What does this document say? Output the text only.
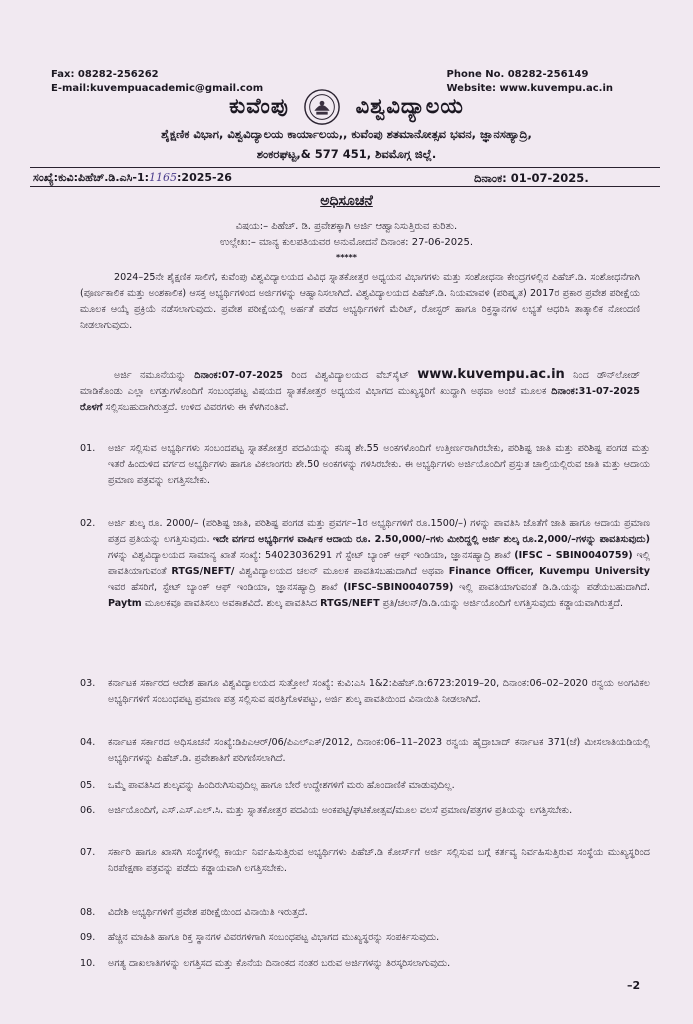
Fax: 08282-256262
E-mail:kuvempuacademic@gmail.com
Phone No. 08282-256149
Website: www.kuvempu.ac.in
ಕುವೆಂಪು	ವಿಶ್ವವಿದ್ಯಾಲಯ
ಶೈಕ್ಷಣಿಕ ವಿಭಾಗ, ವಿಶ್ವವಿದ್ಯಾಲಯ ಕಾರ್ಯಾಲಯ,, ಕುವೆಂಪು ಶತಮಾನೋತ್ಸವ ಭವನ, ಜ್ಞಾನಸಹ್ಯಾದ್ರಿ,
ಶಂಕರಘಟ್ಟ,& 577 451, ಶಿವಮೊಗ್ಗ ಜಿಲ್ಲೆ.
ಸಂಖ್ಯೆ:ಕುವಿ:ಪಿಹೆಚ್.ಡಿ.ಎಸಿ-1:1165:2025-26	ದಿನಾಂಕ: 01-07-2025.
ಅಧಿಸೂಚನೆ
ವಿಷಯ:– ಪಿಹೆಚ್. ಡಿ. ಪ್ರವೇಶಕ್ಕಾಗಿ ಅರ್ಜಿ ಆಹ್ವಾನಿಸುತ್ತಿರುವ ಕುರಿತು.
ಉಲ್ಲೇಖ:– ಮಾನ್ಯ ಕುಲಪತಿಯವರ ಅನುಮೋದನೆ ದಿನಾಂಕ: 27-06-2025.
*****
2024–25ನೇ ಶೈಕ್ಷಣಿಕ ಸಾಲಿಗೆ, ಕುವೆಂಪು ವಿಶ್ವವಿದ್ಯಾಲಯದ ವಿವಿಧ ಸ್ನಾತಕೋತ್ತರ ಅಧ್ಯಯನ ವಿಭಾಗಗಳು ಮತ್ತು ಸಂಶೋಧನಾ ಕೇಂದ್ರಗಳಲ್ಲಿನ ಪಿಹೆಚ್.ಡಿ. ಸಂಶೋಧನೆಗಾಗಿ (ಪೂರ್ಣಕಾಲಿಕ ಮತ್ತು ಅಂಶಕಾಲಿಕ) ಆಸಕ್ತ ಅಭ್ಯರ್ಥಿಗಳಿಂದ ಅರ್ಜಿಗಳನ್ನು ಆಹ್ವಾನಿಸಲಾಗಿದೆ. ವಿಶ್ವವಿದ್ಯಾಲಯದ ಪಿಹೆಚ್.ಡಿ. ನಿಯಮಾವಳಿ (ಪರಿಷ್ಕೃತ) 2017ರ ಪ್ರಕಾರ ಪ್ರವೇಶ ಪರೀಕ್ಷೆಯ ಮೂಲಕ ಆಯ್ಕೆ ಪ್ರಕ್ರಿಯೆ ನಡೆಸಲಾಗುವುದು. ಪ್ರವೇಶ ಪರೀಕ್ಷೆಯಲ್ಲಿ ಅರ್ಹತೆ ಪಡೆದ ಅಭ್ಯರ್ಥಿಗಳಿಗೆ ಮೆರಿಟ್, ರೋಸ್ಟರ್ ಹಾಗೂ ರಿಕ್ತಸ್ಥಾನಗಳ ಲಭ್ಯತೆ ಆಧರಿಸಿ ತಾತ್ಕಾಲಿಕ ನೋಂದಣಿ ನೀಡಲಾಗುವುದು.
ಅರ್ಜಿ ನಮೂನೆಯನ್ನು ದಿನಾಂಕ:07-07-2025 ರಿಂದ ವಿಶ್ವವಿದ್ಯಾಲಯದ ವೆಬ್‌ಸೈಟ್ www.kuvempu.ac.in ನಿಂದ ಡೌನ್‌ಲೋಡ್ ಮಾಡಿಕೊಂಡು ಎಲ್ಲಾ ಲಗತ್ತುಗಳೊಂದಿಗೆ ಸಂಬಂಧಪಟ್ಟ ವಿಷಯದ ಸ್ನಾತಕೋತ್ತರ ಅಧ್ಯಯನ ವಿಭಾಗದ ಮುಖ್ಯಸ್ಥರಿಗೆ ಖುದ್ದಾಗಿ ಅಥವಾ ಅಂಚೆ ಮೂಲಕ ದಿನಾಂಕ:31-07-2025 ರೊಳಗೆ ಸಲ್ಲಿಸಬಹುದಾಗಿರುತ್ತದೆ. ಉಳಿದ ವಿವರಗಳು ಈ ಕೆಳಗಿನಂತಿವೆ.
01.	ಅರ್ಜಿ ಸಲ್ಲಿಸುವ ಅಭ್ಯರ್ಥಿಗಳು ಸಂಬಂದಪಟ್ಟ ಸ್ನಾತಕೋತ್ತರ ಪದವಿಯನ್ನು ಕನಿಷ್ಠ ಶೇ.55 ಅಂಕಗಳೊಂದಿಗೆ ಉತ್ತೀರ್ಣರಾಗಿರಬೇಕು, ಪರಿಶಿಷ್ಟ ಜಾತಿ ಮತ್ತು ಪರಿಶಿಷ್ಟ ಪಂಗಡ ಮತ್ತು ಇತರೆ ಹಿಂದುಳಿದ ವರ್ಗದ ಅಭ್ಯರ್ಥಿಗಳು ಹಾಗೂ ವಿಕಲಾಂಗರು ಶೇ.50 ಅಂಕಗಳನ್ನು ಗಳಿಸಿರಬೇಕು. ಈ ಅಭ್ಯರ್ಥಿಗಳು ಅರ್ಜಿಯೊಂದಿಗೆ ಪ್ರಸ್ತುತ ಚಾಲ್ತಿಯಲ್ಲಿರುವ ಜಾತಿ ಮತ್ತು ಆದಾಯ ಪ್ರಮಾಣ ಪತ್ರವನ್ನು ಲಗತ್ತಿಸಬೇಕು.
02.	ಅರ್ಜಿ ಶುಲ್ಕ ರೂ. 2000/– (ಪರಿಶಿಷ್ಟ ಜಾತಿ, ಪರಿಶಿಷ್ಟ ಪಂಗಡ ಮತ್ತು ಪ್ರವರ್ಗ–1ರ ಅಭ್ಯರ್ಥಿಗಳಿಗೆ ರೂ.1500/–) ಗಳನ್ನು ಪಾವತಿಸಿ ಜೊತೆಗೆ ಜಾತಿ ಹಾಗೂ ಆದಾಯ ಪ್ರಮಾಣ ಪತ್ರದ ಪ್ರತಿಯನ್ನು ಲಗತ್ತಿಸುವುದು. ಇದೇ ವರ್ಗದ ಅಭ್ಯರ್ಥಿಗಳ ವಾರ್ಷಿಕ ಆದಾಯ ರೂ. 2.50,000/–ಗಳು ಮೀರಿದ್ದಲ್ಲಿ ಅರ್ಜಿ ಶುಲ್ಕ ರೂ.2,000/–ಗಳನ್ನು ಪಾವತಿಸುವುದು) ಗಳನ್ನು ವಿಶ್ವವಿದ್ಯಾಲಯದ ಸಾಮಾನ್ಯ ಖಾತೆ ಸಂಖ್ಯೆ: 54023036291 ಗೆ ಸ್ಟೇಟ್ ಬ್ಯಾಂಕ್ ಆಫ್ ಇಂಡಿಯಾ, ಜ್ಞಾನಸಹ್ಯಾದ್ರಿ ಶಾಖೆ (IFSC – SBIN0040759) ಇಲ್ಲಿ ಪಾವತಿಯಾಗುವಂತೆ RTGS/NEFT/ ವಿಶ್ವವಿದ್ಯಾಲಯದ ಚಲನ್ ಮೂಲಕ ಪಾವತಿಸಬಹುದಾಗಿದೆ ಅಥವಾ Finance Officer, Kuvempu University ಇವರ ಹೆಸರಿಗೆ, ಸ್ಟೇಟ್ ಬ್ಯಾಂಕ್ ಆಫ್ ಇಂಡಿಯಾ, ಜ್ಞಾನಸಹ್ಯಾದ್ರಿ ಶಾಖೆ (IFSC–SBIN0040759) ಇಲ್ಲಿ ಪಾವತಿಯಾಗುವಂತೆ ಡಿ.ಡಿ.ಯನ್ನು ಪಡೆಯಬಹುದಾಗಿದೆ. Paytm ಮೂಲಕವೂ ಪಾವತಿಸಲು ಅವಕಾಶವಿದೆ. ಶುಲ್ಕ ಪಾವತಿಸಿದ RTGS/NEFT ಪ್ರತಿ/ಚಲನ್/ಡಿ.ಡಿ.ಯನ್ನು ಅರ್ಜಿಯೊಂದಿಗೆ ಲಗತ್ತಿಸುವುದು ಕಡ್ಡಾಯವಾಗಿರುತ್ತದೆ.
03.	ಕರ್ನಾಟಕ ಸರ್ಕಾರದ ಆದೇಶ ಹಾಗೂ ವಿಶ್ವವಿದ್ಯಾಲಯದ ಸುತ್ತೋಲೆ ಸಂಖ್ಯೆ: ಕುವಿ:ಎಸಿ 1&2:ಪಿಹೆಚ್.ಡಿ:6723:2019–20, ದಿನಾಂಕ:06–02–2020 ರನ್ವಯ ಅಂಗವಿಕಲ ಅಭ್ಯರ್ಥಿಗಳಿಗೆ ಸಂಬಂಧಪಟ್ಟ ಪ್ರಮಾಣ ಪತ್ರ ಸಲ್ಲಿಸುವ ಷರತ್ತಿಗೊಳಪಟ್ಟು, ಅರ್ಜಿ ಶುಲ್ಕ ಪಾವತಿಯಿಂದ ವಿನಾಯಿತಿ ನೀಡಲಾಗಿದೆ.
04.	ಕರ್ನಾಟಕ ಸರ್ಕಾರದ ಅಧಿಸೂಚನೆ ಸಂಖ್ಯೆ:ಡಿಪಿಎಆರ್/06/ಪಿಎಲ್‌ಎಕ್/2012, ದಿನಾಂಕ:06–11–2023 ರನ್ವಯ ಹೈದ್ರಾಬಾದ್ ಕರ್ನಾಟಕ 371(ಜೆ) ಮೀಸಲಾತಿಯಡಿಯಲ್ಲಿ ಅಭ್ಯರ್ಥಿಗಳನ್ನು ಪಿಹೆಚ್.ಡಿ. ಪ್ರವೇಶಾತಿಗೆ ಪರಿಗಣಿಸಲಾಗಿದೆ.
05.	ಒಮ್ಮೆ ಪಾವತಿಸಿದ ಶುಲ್ಕವನ್ನು ಹಿಂದಿರುಗಿಸುವುದಿಲ್ಲ ಹಾಗೂ ಬೇರೆ ಉದ್ದೇಶಗಳಿಗೆ ಮರು ಹೊಂದಾಣಿಕೆ ಮಾಡುವುದಿಲ್ಲ.
06.	ಅರ್ಜಿಯೊಂದಿಗೆ, ಎಸ್.ಎಸ್.ಎಲ್.ಸಿ. ಮತ್ತು ಸ್ನಾತಕೋತ್ತರ ಪದವಿಯ ಅಂಕಪಟ್ಟಿ/ಘಟಿಕೋತ್ಸವ/ಮೂಲ ವಲಸೆ ಪ್ರಮಾಣ/ಪತ್ರಗಳ ಪ್ರತಿಯನ್ನು ಲಗತ್ತಿಸಬೇಕು.
07.	ಸರ್ಕಾರಿ ಹಾಗೂ ಖಾಸಗಿ ಸಂಸ್ಥೆಗಳಲ್ಲಿ ಕಾರ್ಯ ನಿರ್ವಹಿಸುತ್ತಿರುವ ಅಭ್ಯರ್ಥಿಗಳು ಪಿಹೆಚ್.ಡಿ ಕೋರ್ಸ್‌ಗೆ ಅರ್ಜಿ ಸಲ್ಲಿಸುವ ಬಗ್ಗೆ ಕರ್ತವ್ಯ ನಿರ್ವಹಿಸುತ್ತಿರುವ ಸಂಸ್ಥೆಯ ಮುಖ್ಯಸ್ಥರಿಂದ ನಿರಪೇಕ್ಷಣಾ ಪತ್ರವನ್ನು ಪಡೆದು ಕಡ್ಡಾಯವಾಗಿ ಲಗತ್ತಿಸಬೇಕು.
08.	ವಿದೇಶಿ ಅಭ್ಯರ್ಥಿಗಳಿಗೆ ಪ್ರವೇಶ ಪರೀಕ್ಷೆಯಿಂದ ವಿನಾಯಿತಿ ಇರುತ್ತದೆ.
09.	ಹೆಚ್ಚಿನ ಮಾಹಿತಿ ಹಾಗೂ ರಿಕ್ತ ಸ್ಥಾನಗಳ ವಿವರಗಳಿಗಾಗಿ ಸಂಬಂಧಪಟ್ಟ ವಿಭಾಗದ ಮುಖ್ಯಸ್ಥರನ್ನು ಸಂಪರ್ಕಿಸುವುದು.
10.	ಅಗತ್ಯ ದಾಖಲಾತಿಗಳನ್ನು ಲಗತ್ತಿಸದ ಮತ್ತು ಕೊನೆಯ ದಿನಾಂಕದ ನಂತರ ಬರುವ ಅರ್ಜಿಗಳನ್ನು ತಿರಸ್ಕರಿಸಲಾಗುವುದು.
–2
